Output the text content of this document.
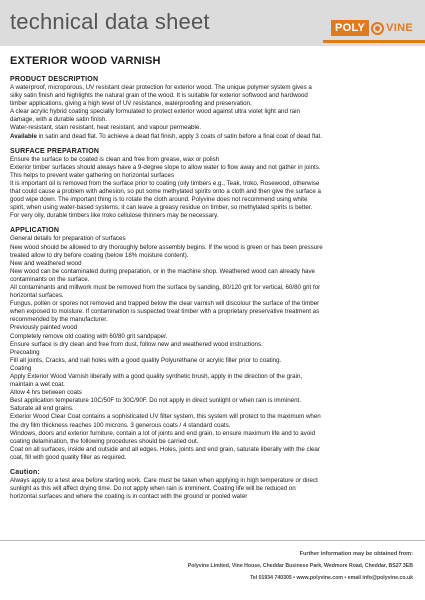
technical data sheet	POLY	VINE
EXTERIOR WOOD VARNISH
PRODUCT DESCRIPTION

A waterproof, microporous, UV resistant clear protection for exterior wood. The unique polymer system gives a

silky satin finish and highlights the natural grain of the wood. It is suitable for exterior softwood and hardwood

timber applications, giving a high level of UV resistance, waterproofing and preservation.

A clear acrylic hybrid coating specially formulated to protect exterior wood against ultra violet light and rain

damage, with a durable satin finish.

Water-resistant, stain resistant, heat resistant, and vapour permeable.

Available in satin and dead flat. To achieve a dead flat finish, apply 3 coats of satin before a final coat of dead flat.

SURFACE PREPARATION

Ensure the surface to be coated is clean and free from grease, wax or polish

Exterior timber surfaces should always have a 9-degree slope to allow water to flow away and not gather in joints.

This helps to prevent water gathering on horizontal surfaces

It is important oil is removed from the surface prior to coating (oily timbers e.g., Teak, Iroko, Rosewood, otherwise

that could cause a problem with adhesion, so put some methylated spirits onto a cloth and then give the surface a

good wipe down. The important thing is to rotate the cloth around. Polyvine does not recommend using white

spirit, when using water-based systems, it can leave a greasy residue on timber, so methylated spirits is better.

For very oily, durable timbers like Iroko cellulose thinners may be necessary.

APPLICATION

General details for preparation of surfaces

New wood should be allowed to dry thoroughly before assembly begins. If the wood is green or has been pressure

treated allow to dry before coating (below 18% moisture content).

New and weathered wood

New wood can be contaminated during preparation, or in the machine shop. Weathered wood can already have

contaminants on the surface.

All contaminants and millwork must be removed from the surface by sanding, 80/120 grit for vertical, 60/80 grit for

horizontal surfaces.

Fungus, pollen or spores not removed and trapped below the clear varnish will discolour the surface of the timber

when exposed to moisture. If contamination is suspected treat timber with a proprietary preservative treatment as

recommended by the manufacturer.

Previously painted wood

Completely remove old coating with 60/80 grit sandpaper.

Ensure surface is dry clean and free from dust, follow new and weathered wood instructions.

Precoating

Fill all joints, Cracks, and nail holes with a good quality Polyurethane or acrylic filler prior to coating.

Coating

Apply Exterior Wood Varnish liberally with a good quality synthetic brush, apply in the direction of the grain,

maintain a wet coat.

Allow 4 hrs between coats

Best application temperature 10C/50F to 30C/90F. Do not apply in direct sunlight or when rain is imminent.

Saturate all end grains.

Exterior Wood Clear Coat contains a sophisticated UV filter system, this system will protect to the maximum when

the dry film thickness reaches 100 microns. 3 generous coats / 4 standard coats.

Windows, doors and exterior furniture, contain a lot of joints and end grain, to ensure maximum life and to avoid

coating delamination, the following procedures should be carried out.

Coat on all surfaces, inside and outside and all edges. Holes, joints and end grain, saturate liberally with the clear

coat, fill with good quality filler as required.

Caution:

Always apply to a test area before starting work. Care must be taken when applying in high temperature or direct

sunlight as this will affect drying time. Do not apply when rain is imminent. Coating life will be reduced on

horizontal surfaces and where the coating is in contact with the ground or pooled water

Further information may be obtained from:
Polyvine Limited, Vine House, Cheddar Business Park, Wedmore Road, Cheddar, BS27 3EB
Tel 01934 740305 • www.polyvine.com • email info@polyvine.co.uk
